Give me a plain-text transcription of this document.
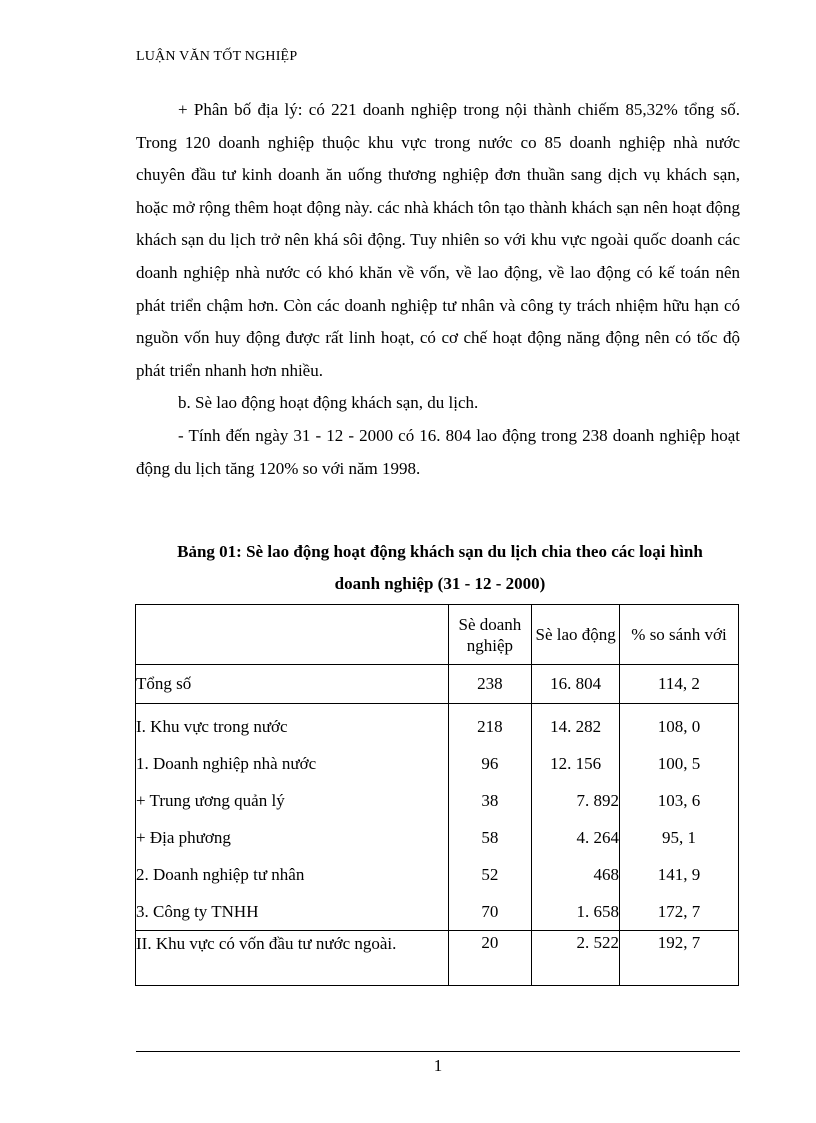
LUẬN VĂN TỐT NGHIỆP

+ Phân bố địa lý: có 221 doanh nghiệp trong nội thành chiếm 85,32% tổng số. Trong 120 doanh nghiệp thuộc khu vực trong nước co 85 doanh nghiệp nhà nước chuyên đầu tư kinh doanh ăn uống thương nghiệp đơn thuần sang dịch vụ khách sạn, hoặc mở rộng thêm hoạt động này. các nhà khách tôn tạo thành khách sạn nên hoạt động khách sạn du lịch trở nên khá sôi động. Tuy nhiên so với khu vực ngoài quốc doanh các doanh nghiệp nhà nước có khó khăn về vốn, về lao động, về lao động có kế toán nên phát triển chậm hơn. Còn các doanh nghiệp tư nhân và công ty trách nhiệm hữu hạn có nguồn vốn huy động được rất linh hoạt, có cơ chế hoạt động năng động nên có tốc độ phát triển nhanh hơn nhiều.

b. Sè lao động hoạt động khách sạn, du lịch.

- Tính đến ngày 31 - 12 - 2000 có 16. 804 lao động trong 238 doanh nghiệp hoạt động du lịch tăng 120% so với năm 1998.

Bảng 01: Sè lao động hoạt động khách sạn du lịch chia theo các loại hình
doanh nghiệp (31 - 12 - 2000)
	Sè doanh nghiệp	Sè lao động	% so sánh với
Tổng số	238	16. 804	114, 2
I. Khu vực trong nước	218	14. 282	108, 0
1. Doanh nghiệp nhà nước	96	12. 156	100, 5
+ Trung ương quản lý	38	7. 892	103, 6
+ Địa phương	58	4. 264	95, 1
2. Doanh nghiệp tư nhân	52	468	141, 9
3. Công ty TNHH	70	1. 658	172, 7
II. Khu vực có vốn đầu tư nước ngoài.	20	2. 522	192, 7
1
